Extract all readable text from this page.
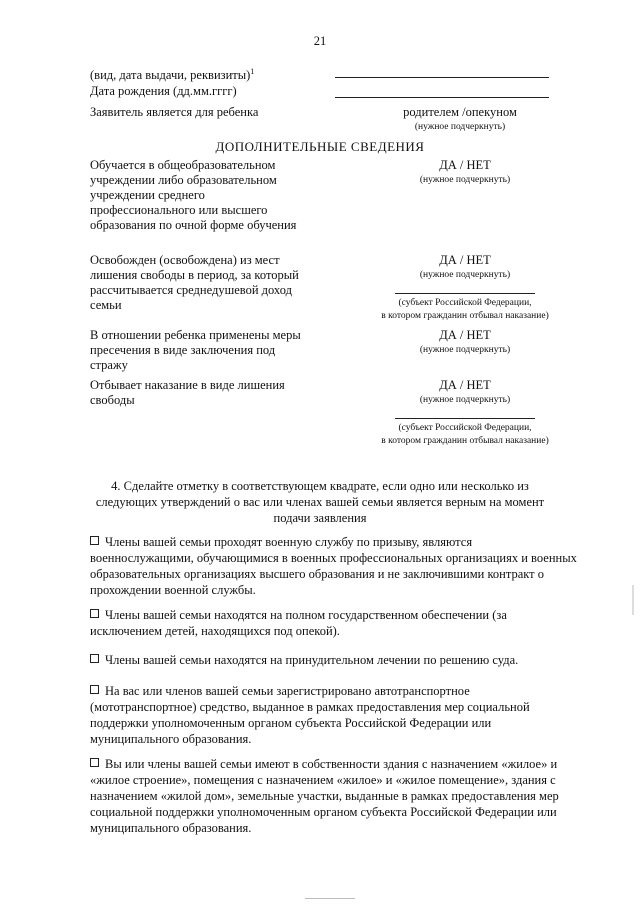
21
(вид, дата выдачи, реквизиты)$^1$
Дата рождения (дд.мм.гггг)
Заявитель является для ребенка	родителем /опекуном
(нужное подчеркнуть)
ДОПОЛНИТЕЛЬНЫЕ СВЕДЕНИЯ
Обучается в общеобразовательном
учреждении либо образовательном
учреждении среднего
профессионального или высшего
образования по очной форме обучения
ДА / НЕТ
(нужное подчеркнуть)
Освобожден (освобождена) из мест
лишения свободы в период, за который
рассчитывается среднедушевой доход
семьи
ДА / НЕТ
(нужное подчеркнуть)
(субъект Российской Федерации,
в котором гражданин отбывал наказание)
В отношении ребенка применены меры
пресечения в виде заключения под
стражу
ДА / НЕТ
(нужное подчеркнуть)
Отбывает наказание в виде лишения
свободы
ДА / НЕТ
(нужное подчеркнуть)
(субъект Российской Федерации,
в котором гражданин отбывал наказание)
4. Сделайте отметку в соответствующем квадрате, если одно или несколько из
следующих утверждений о вас или членах вашей семьи является верным на момент
подачи заявления
Члены вашей семьи проходят военную службу по призыву, являются
военнослужащими, обучающимися в военных профессиональных организациях и военных
образовательных организациях высшего образования и не заключившими контракт о
прохождении военной службы.
Члены вашей семьи находятся на полном государственном обеспечении (за
исключением детей, находящихся под опекой).
Члены вашей семьи находятся на принудительном лечении по решению суда.
На вас или членов вашей семьи зарегистрировано автотранспортное
(мототранспортное) средство, выданное в рамках предоставления мер социальной
поддержки уполномоченным органом субъекта Российской Федерации или
муниципального образования.
Вы или члены вашей семьи имеют в собственности здания с назначением «жилое» и
«жилое строение», помещения с назначением «жилое» и «жилое помещение», здания с
назначением «жилой дом», земельные участки, выданные в рамках предоставления мер
социальной поддержки уполномоченным органом субъекта Российской Федерации или
муниципального образования.
